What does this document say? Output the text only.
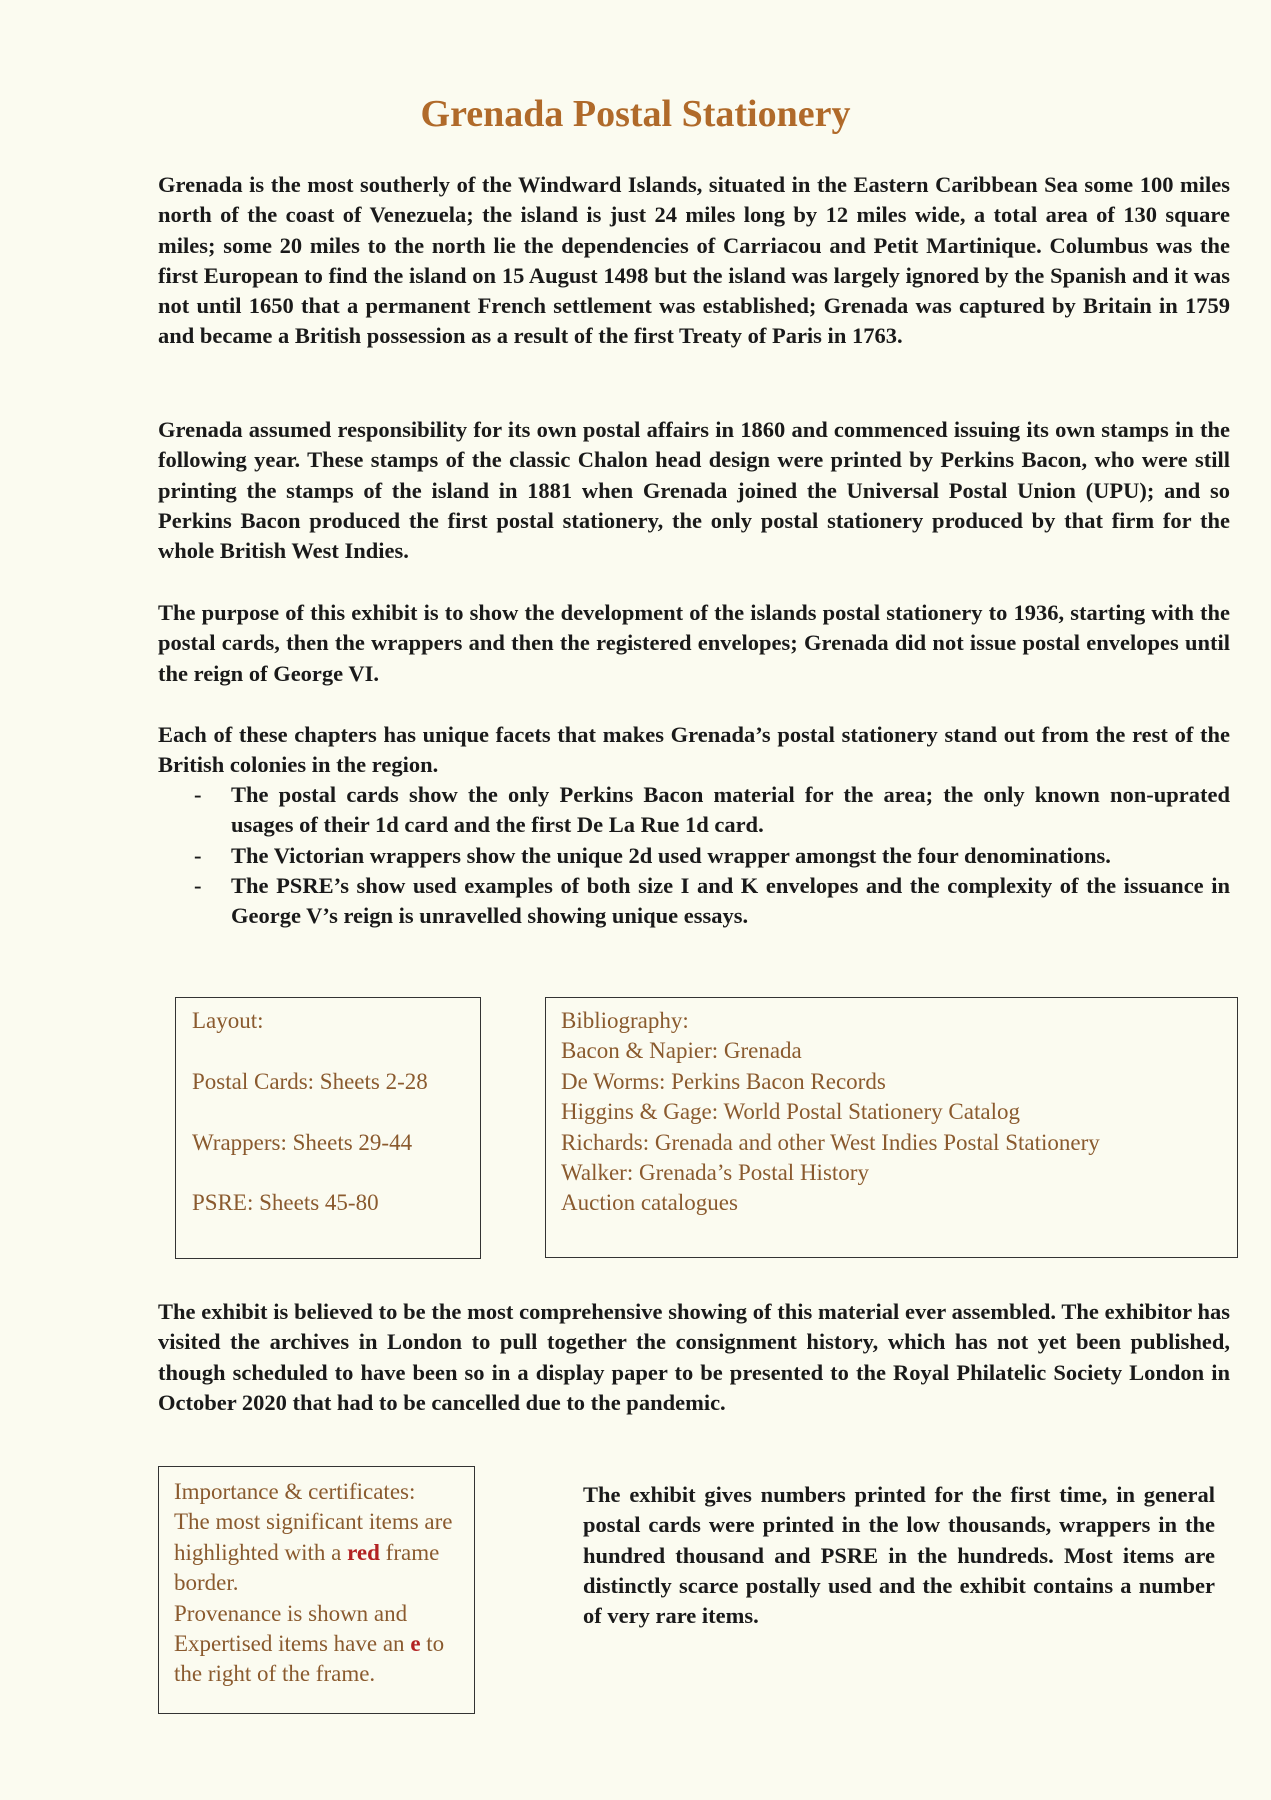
Grenada Postal Stationery

Grenada is the most southerly of the Windward Islands, situated in the Eastern Caribbean Sea some 100 miles north of the coast of Venezuela; the island is just 24 miles long by 12 miles wide, a total area of 130 square miles; some 20 miles to the north lie the dependencies of Carriacou and Petit Martinique. Columbus was the first European to find the island on 15 August 1498 but the island was largely ignored by the Spanish and it was not until 1650 that a permanent French settlement was established; Grenada was captured by Britain in 1759 and became a British possession as a result of the first Treaty of Paris in 1763.

Grenada assumed responsibility for its own postal affairs in 1860 and commenced issuing its own stamps in the following year. These stamps of the classic Chalon head design were printed by Perkins Bacon, who were still printing the stamps of the island in 1881 when Grenada joined the Universal Postal Union (UPU); and so Perkins Bacon produced the first postal stationery, the only postal stationery produced by that firm for the whole British West Indies.

The purpose of this exhibit is to show the development of the islands postal stationery to 1936, starting with the postal cards, then the wrappers and then the registered envelopes; Grenada did not issue postal envelopes until the reign of George VI.

Each of these chapters has unique facets that makes Grenada’s postal stationery stand out from the rest of the British colonies in the region.

- The postal cards show the only Perkins Bacon material for the area; the only known non-uprated usages of their 1d card and the first De La Rue 1d card.
- The Victorian wrappers show the unique 2d used wrapper amongst the four denominations.
- The PSRE’s show used examples of both size I and K envelopes and the complexity of the issuance in George V’s reign is unravelled showing unique essays.
Layout:
Postal Cards: Sheets 2-28
Wrappers: Sheets 29-44
PSRE: Sheets 45-80
Bibliography:
Bacon & Napier: Grenada
De Worms: Perkins Bacon Records
Higgins & Gage: World Postal Stationery Catalog
Richards: Grenada and other West Indies Postal Stationery
Walker: Grenada’s Postal History
Auction catalogues

The exhibit is believed to be the most comprehensive showing of this material ever assembled. The exhibitor has visited the archives in London to pull together the consignment history, which has not yet been published, though scheduled to have been so in a display paper to be presented to the Royal Philatelic Society London in October 2020 that had to be cancelled due to the pandemic.

Importance & certificates:
The most significant items are highlighted with a red frame border.
Provenance is shown and Expertised items have an e to the right of the frame.

The exhibit gives numbers printed for the first time, in general postal cards were printed in the low thousands, wrappers in the hundred thousand and PSRE in the hundreds. Most items are distinctly scarce postally used and the exhibit contains a number of very rare items.
